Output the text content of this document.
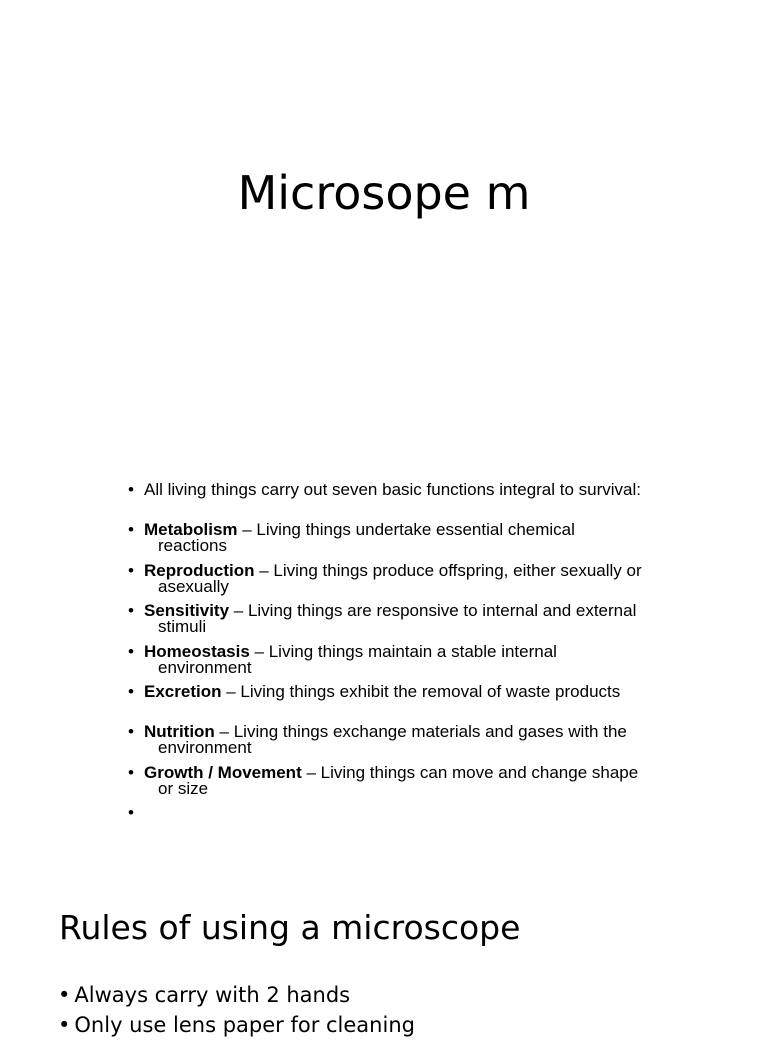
Microsope m
• All living things carry out seven basic functions integral to survival:
• Metabolism – Living things undertake essential chemical reactions
• Reproduction – Living things produce offspring, either sexually or asexually
• Sensitivity – Living things are responsive to internal and external stimuli
• Homeostasis – Living things maintain a stable internal environment
• Excretion – Living things exhibit the removal of waste products
• Nutrition – Living things exchange materials and gases with the environment
• Growth / Movement – Living things can move and change shape or size
•
Rules of using a microscope
• Always carry with 2 hands
• Only use lens paper for cleaning
